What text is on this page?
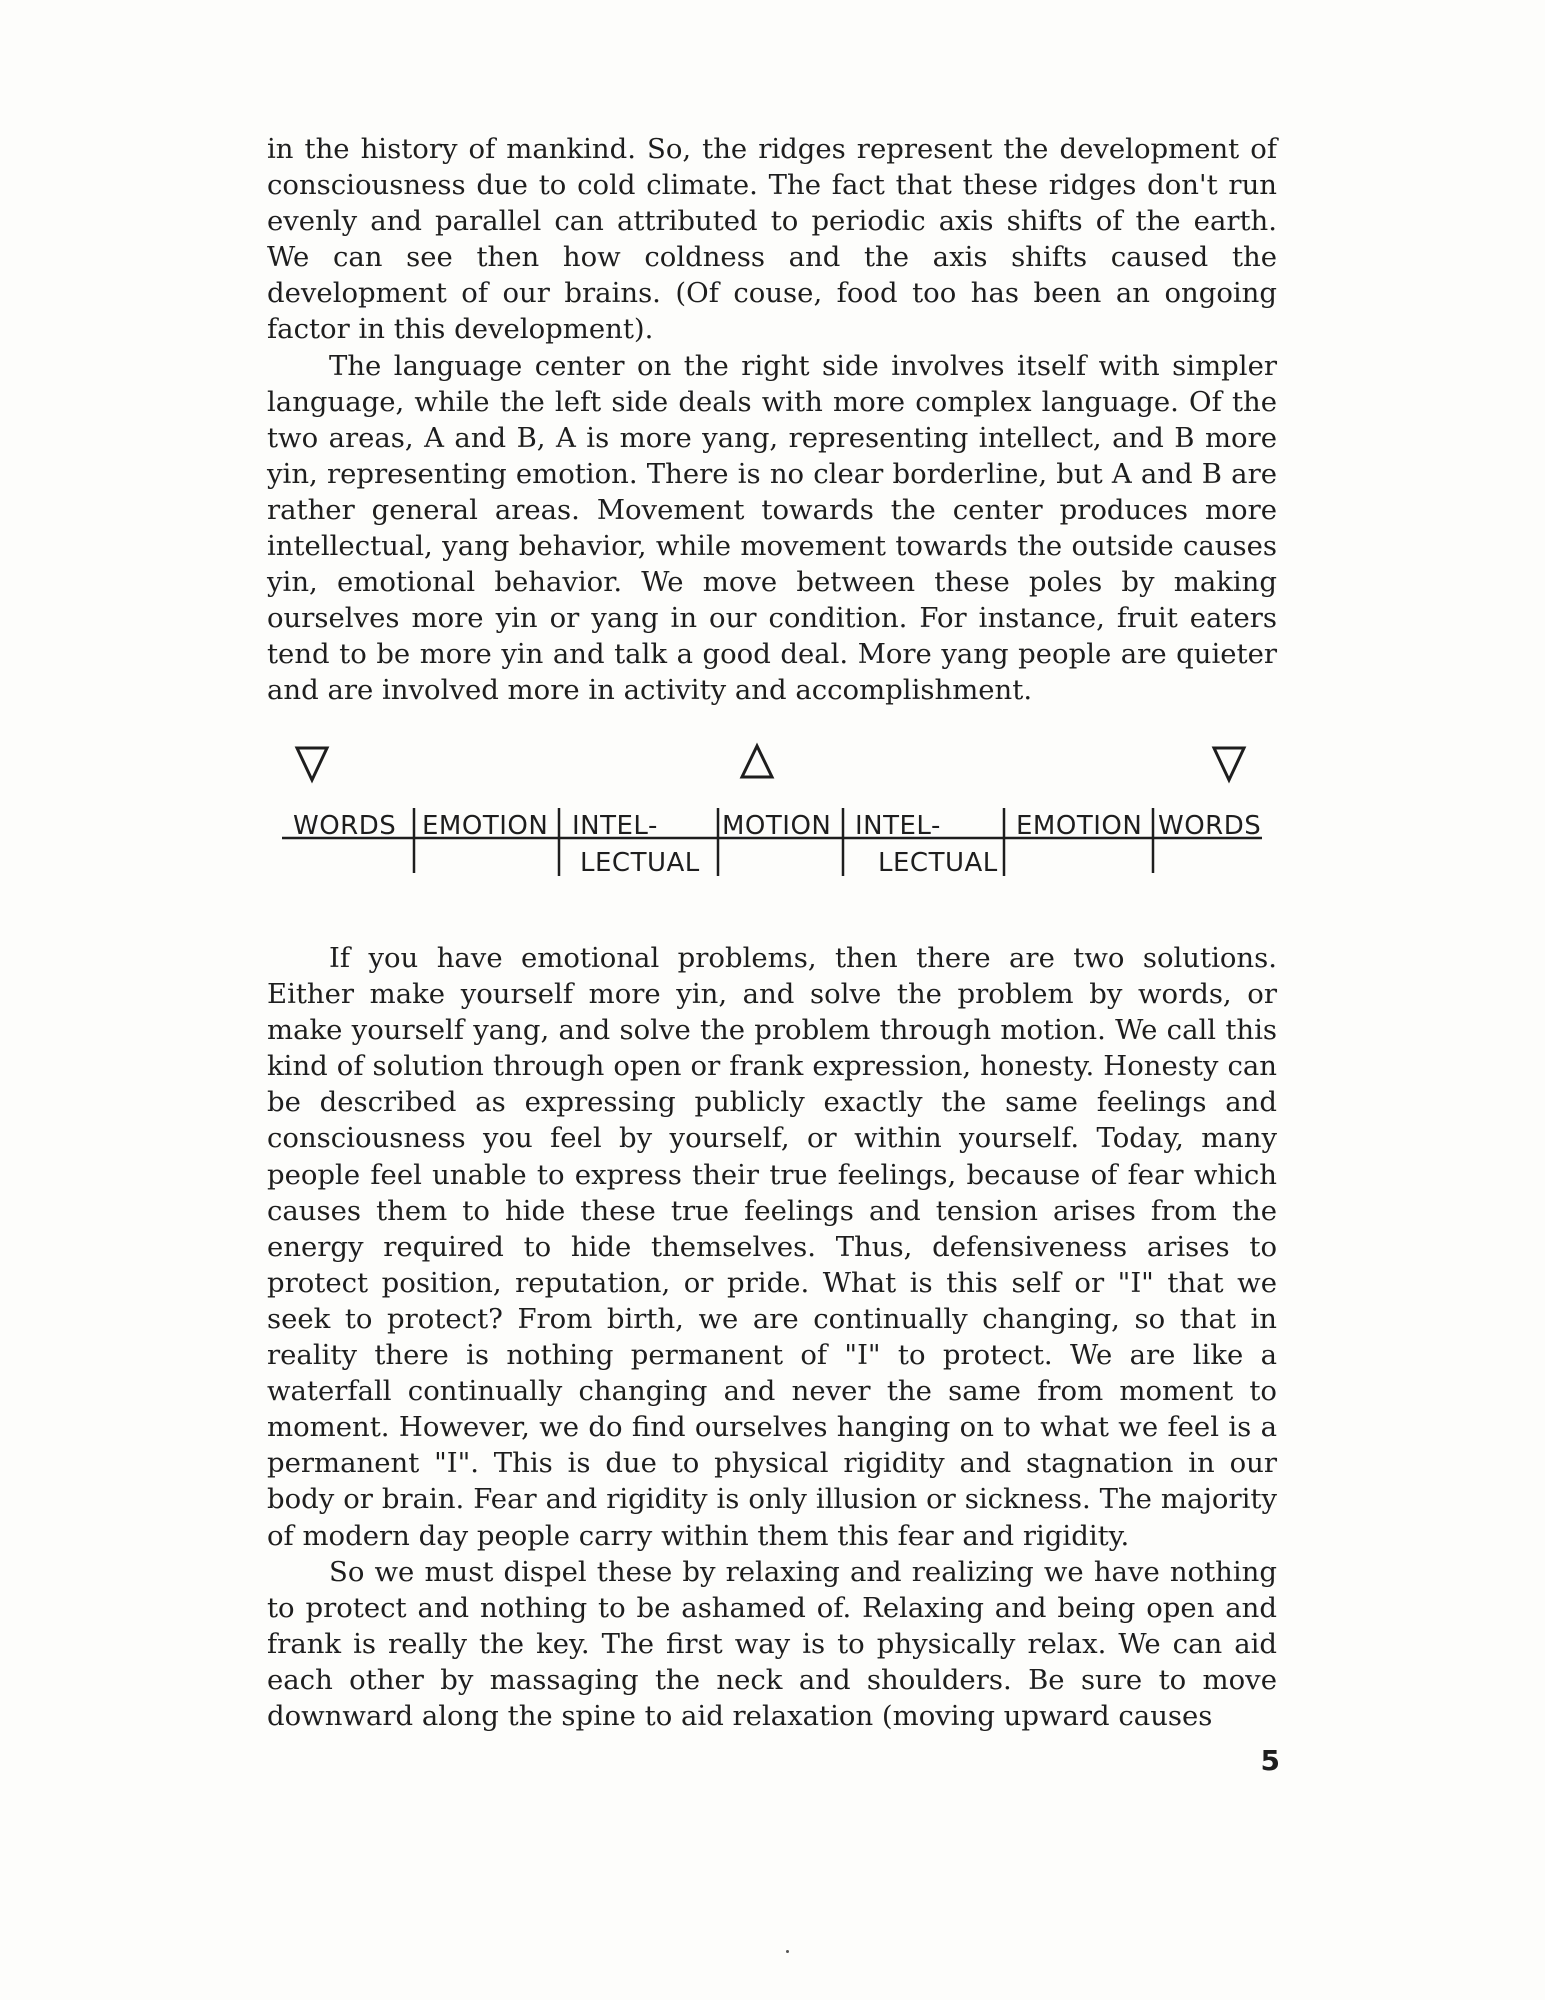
in the history of mankind. So, the ridges represent the development of consciousness due to cold climate. The fact that these ridges don't run evenly and parallel can attributed to periodic axis shifts of the earth. We can see then how coldness and the axis shifts caused the development of our brains. (Of couse, food too has been an ongoing factor in this development).

The language center on the right side involves itself with simpler language, while the left side deals with more complex language. Of the two areas, A and B, A is more yang, representing intellect, and B more yin, representing emotion. There is no clear borderline, but A and B are rather general areas. Movement towards the center produces more intellectual, yang behavior, while movement towards the outside causes yin, emotional behavior. We move between these poles by making ourselves more yin or yang in our condition. For instance, fruit eaters tend to be more yin and talk a good deal. More yang people are quieter and are involved more in activity and accomplishment.

WORDS EMOTION INTEL- MOTION INTEL-	EMOTION WORDS
LECTUAL	LECTUAL

If you have emotional problems, then there are two solutions. Either make yourself more yin, and solve the problem by words, or make yourself yang, and solve the problem through motion. We call this kind of solution through open or frank expression, honesty. Honesty can be described as expressing publicly exactly the same feelings and consciousness you feel by yourself, or within yourself. Today, many people feel unable to express their true feelings, because of fear which causes them to hide these true feelings and tension arises from the energy required to hide themselves. Thus, defensiveness arises to protect position, reputation, or pride. What is this self or "I" that we seek to protect? From birth, we are continually changing, so that in reality there is nothing permanent of "I" to protect. We are like a waterfall continually changing and never the same from moment to moment. However, we do find ourselves hanging on to what we feel is a permanent "I". This is due to physical rigidity and stagnation in our body or brain. Fear and rigidity is only illusion or sickness. The majority of modern day people carry within them this fear and rigidity.

So we must dispel these by relaxing and realizing we have nothing to protect and nothing to be ashamed of. Relaxing and being open and frank is really the key. The first way is to physically relax. We can aid each other by massaging the neck and shoulders. Be sure to move downward along the spine to aid relaxation (moving upward causes

5
